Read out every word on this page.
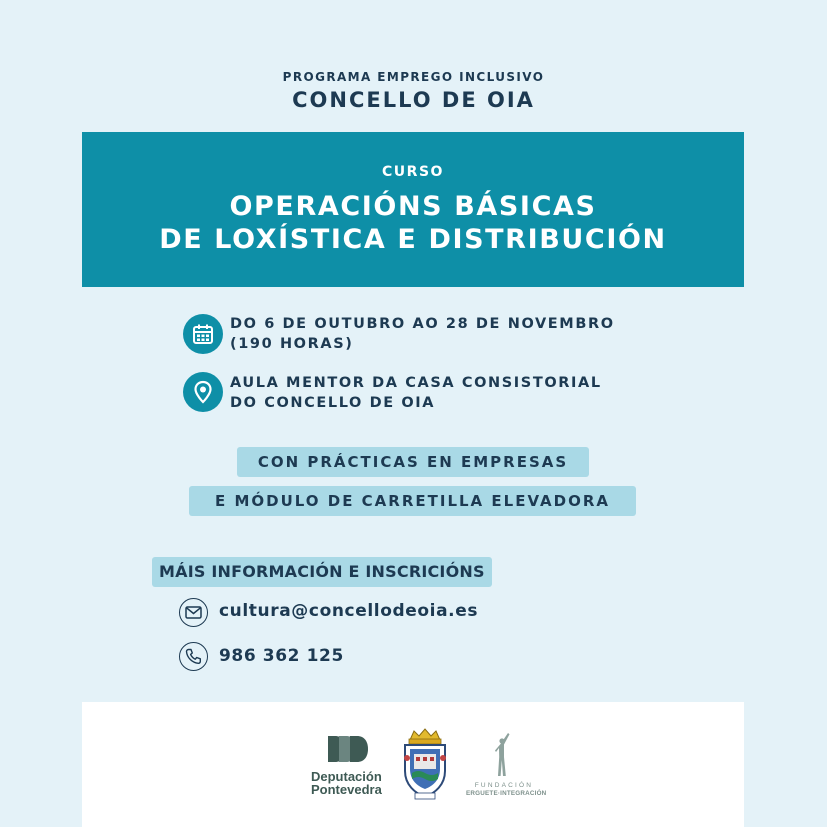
PROGRAMA EMPREGO INCLUSIVO
CONCELLO DE OIA
CURSO
OPERACIÓNS BÁSICAS
DE LOXÍSTICA E DISTRIBUCIÓN
DO 6 DE OUTUBRO AO 28 DE NOVEMBRO
(190 HORAS)
AULA MENTOR DA CASA CONSISTORIAL
DO CONCELLO DE OIA
CON PRÁCTICAS EN EMPRESAS
E MÓDULO DE CARRETILLA ELEVADORA
MÁIS INFORMACIÓN E INSCRICIÓNS
cultura@concellodeoia.es
986 362 125
Deputación
Pontevedra	FUNDACIÓN
ERGUETE·INTEGRACIÓN
